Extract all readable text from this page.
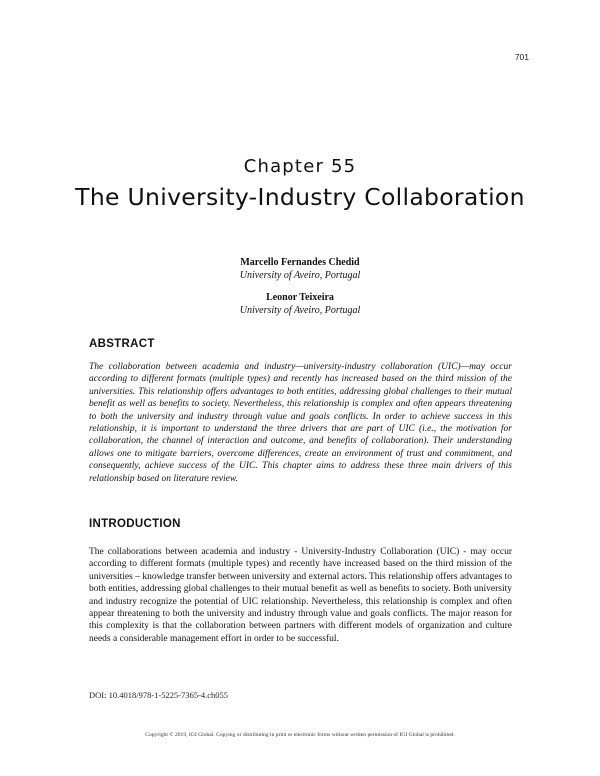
701
Chapter 55
The University-Industry Collaboration
Marcello Fernandes Chedid
University of Aveiro, Portugal
Leonor Teixeira
University of Aveiro, Portugal
ABSTRACT
The collaboration between academia and industry—university-industry collaboration (UIC)—may occur according to different formats (multiple types) and recently has increased based on the third mission of the universities. This relationship offers advantages to both entities, addressing global challenges to their mutual benefit as well as benefits to society. Nevertheless, this relationship is complex and often appears threatening to both the university and industry through value and goals conflicts. In order to achieve success in this relationship, it is important to understand the three drivers that are part of UIC (i.e., the motivation for collaboration, the channel of interaction and outcome, and benefits of collaboration). Their understanding allows one to mitigate barriers, overcome differences, create an environment of trust and commitment, and consequently, achieve success of the UIC. This chapter aims to address these three main drivers of this relationship based on literature review.
INTRODUCTION
The collaborations between academia and industry - University-Industry Collaboration (UIC) - may occur according to different formats (multiple types) and recently have increased based on the third mission of the universities – knowledge transfer between university and external actors. This relationship offers advantages to both entities, addressing global challenges to their mutual benefit as well as benefits to society. Both university and industry recognize the potential of UIC relationship. Nevertheless, this relationship is complex and often appear threatening to both the university and industry through value and goals conflicts. The major reason for this complexity is that the collaboration between partners with different models of organization and culture needs a considerable management effort in order to be successful.
DOI: 10.4018/978-1-5225-7365-4.ch055
Copyright © 2019, IGI Global. Copying or distributing in print or electronic forms without written permission of IGI Global is prohibited.
